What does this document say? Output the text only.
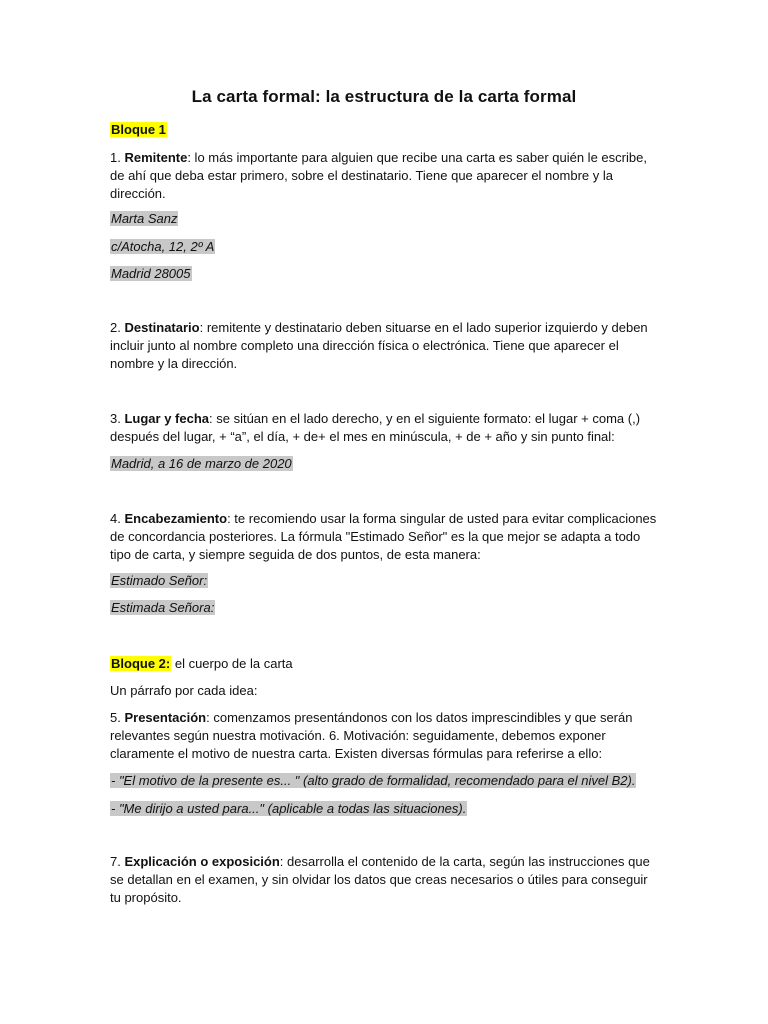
La carta formal: la estructura de la carta formal
Bloque 1
1. Remitente: lo más importante para alguien que recibe una carta es saber quién le escribe, de ahí que deba estar primero, sobre el destinatario. Tiene que aparecer el nombre y la dirección.
Marta Sanz
c/Atocha, 12, 2º A
Madrid 28005
2. Destinatario: remitente y destinatario deben situarse en el lado superior izquierdo y deben incluir junto al nombre completo una dirección física o electrónica. Tiene que aparecer el nombre y la dirección.
3. Lugar y fecha: se sitúan en el lado derecho, y en el siguiente formato: el lugar + coma (,) después del lugar, + “a”, el día, + de+ el mes en minúscula, + de + año y sin punto final:
Madrid, a 16 de marzo de 2020
4. Encabezamiento: te recomiendo usar la forma singular de usted para evitar complicaciones de concordancia posteriores. La fórmula "Estimado Señor" es la que mejor se adapta a todo tipo de carta, y siempre seguida de dos puntos, de esta manera:
Estimado Señor:
Estimada Señora:
Bloque 2: el cuerpo de la carta
Un párrafo por cada idea:
5. Presentación: comenzamos presentándonos con los datos imprescindibles y que serán relevantes según nuestra motivación. 6. Motivación: seguidamente, debemos exponer claramente el motivo de nuestra carta. Existen diversas fórmulas para referirse a ello:
- "El motivo de la presente es... " (alto grado de formalidad, recomendado para el nivel B2).
- "Me dirijo a usted para..." (aplicable a todas las situaciones).
7. Explicación o exposición: desarrolla el contenido de la carta, según las instrucciones que se detallan en el examen, y sin olvidar los datos que creas necesarios o útiles para conseguir tu propósito.
